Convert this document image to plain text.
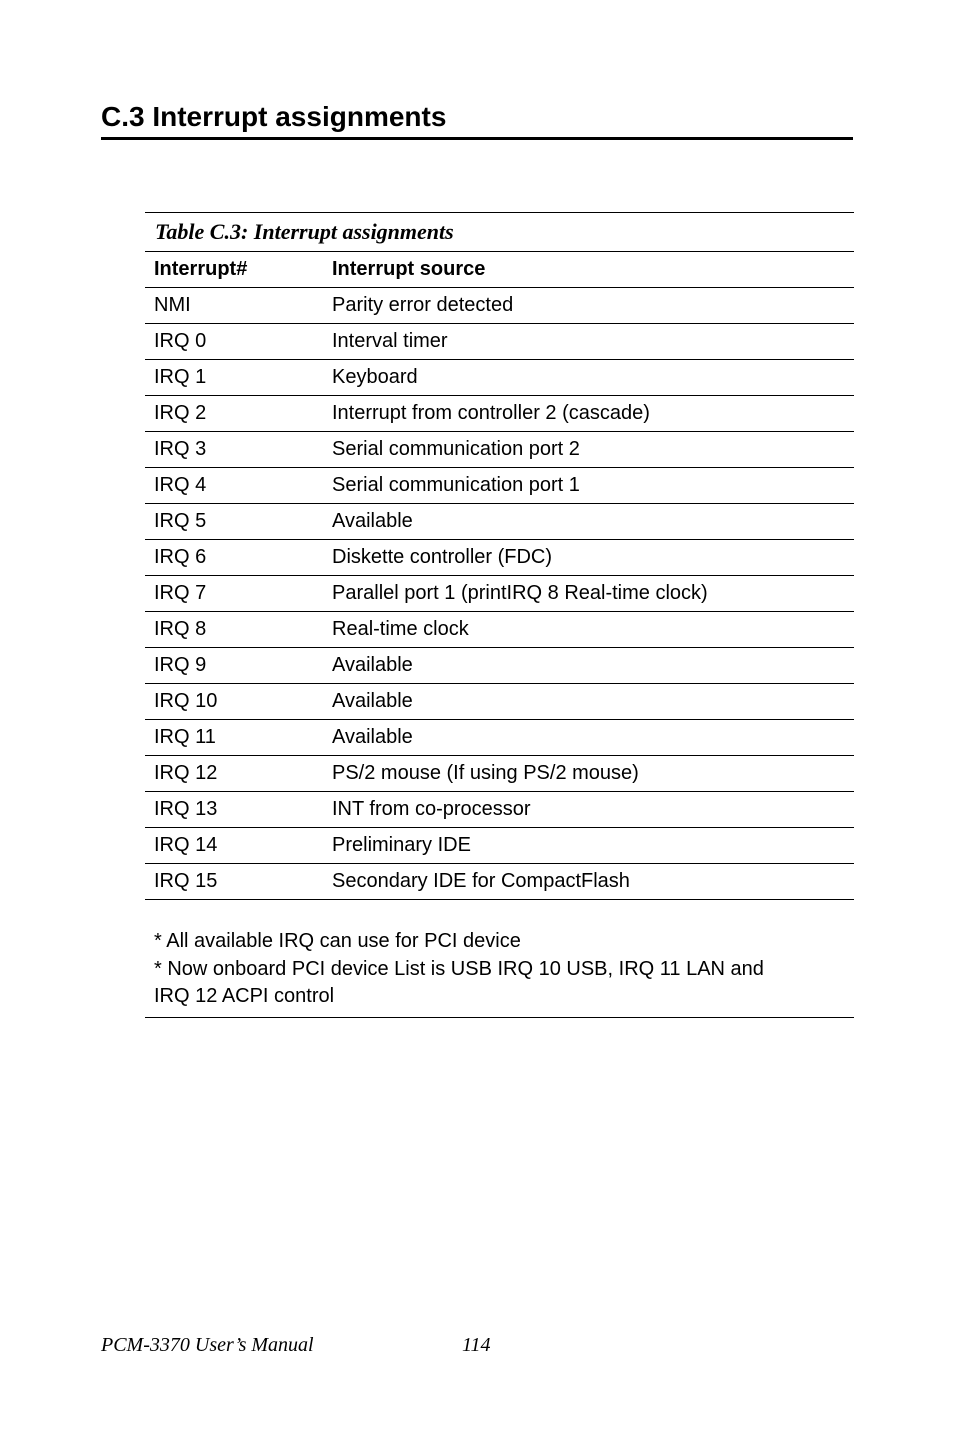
C.3 Interrupt assignments
Table C.3: Interrupt assignments
Interrupt#	Interrupt source
NMI	Parity error detected
IRQ 0	Interval timer
IRQ 1	Keyboard
IRQ 2	Interrupt from controller 2 (cascade)
IRQ 3	Serial communication port 2
IRQ 4	Serial communication port 1
IRQ 5	Available
IRQ 6	Diskette controller (FDC)
IRQ 7	Parallel port 1 (printIRQ 8 Real-time clock)
IRQ 8	Real-time clock
IRQ 9	Available
IRQ 10	Available
IRQ 11	Available
IRQ 12	PS/2 mouse (If using PS/2 mouse)
IRQ 13	INT from co-processor
IRQ 14	Preliminary IDE
IRQ 15	Secondary IDE for CompactFlash
* All available IRQ can use for PCI device
* Now onboard PCI device List is USB IRQ 10 USB, IRQ 11 LAN and
IRQ 12 ACPI control
PCM-3370 User’s Manual	114
